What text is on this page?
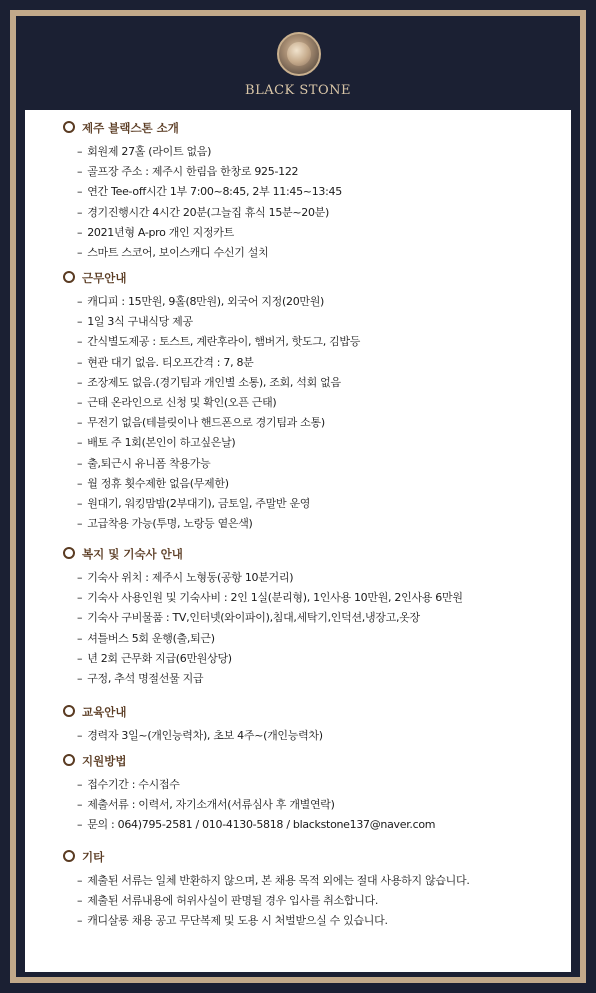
BLACK STONE
제주 블랙스톤 소개
– 회원제 27홀 (라이트 없음)
– 골프장 주소 : 제주시 한림읍 한창로 925-122
– 연간 Tee-off시간 1부 7:00~8:45, 2부 11:45~13:45
– 경기진행시간 4시간 20분(그늘집 휴식 15분~20분)
– 2021년형 A-pro 개인 지정카트
– 스마트 스코어, 보이스캐디 수신기 설치
근무안내
– 캐디피 : 15만원, 9홀(8만원), 외국어 지정(20만원)
– 1일 3식 구내식당 제공
– 간식별도제공 : 토스트, 계란후라이, 햄버거, 핫도그, 김밥등
– 현관 대기 없음. 티오프간격 : 7, 8분
– 조장제도 없음.(경기팀과 개인별 소통), 조회, 석회 없음
– 근태 온라인으로 신청 및 확인(오픈 근태)
– 무전기 없음(테블릿이나 핸드폰으로 경기팀과 소통)
– 배토 주 1회(본인이 하고싶은날)
– 출,퇴근시 유니폼 착용가능
– 월 정휴 횟수제한 없음(무제한)
– 원대기, 워킹맘밤(2부대기), 금토일, 주말반 운영
– 고급착용 가능(투명, 노랑등 옅은색)
복지 및 기숙사 안내
– 기숙사 위치 : 제주시 노형동(공항 10분거리)
– 기숙사 사용인원 및 기숙사비 : 2인 1실(분리형), 1인사용 10만원, 2인사용 6만원
– 기숙사 구비물품 : TV,인터넷(와이파이),침대,세탁기,인덕션,냉장고,옷장
– 셔틀버스 5회 운행(출,퇴근)
– 년 2회 근무화 지급(6만원상당)
– 구정, 추석 명절선물 지급
교육안내
– 경력자 3일~(개인능력차), 초보 4주~(개인능력차)
지원방법
– 접수기간 : 수시접수
– 제출서류 : 이력서, 자기소개서(서류심사 후 개별연락)
– 문의 : 064)795-2581 / 010-4130-5818 / blackstone137@naver.com
기타
– 제출된 서류는 일체 반환하지 않으며, 본 채용 목적 외에는 절대 사용하지 않습니다.
– 제출된 서류내용에 허위사실이 판명될 경우 입사를 취소합니다.
– 캐디살롱 채용 공고 무단복제 및 도용 시 처벌받으실 수 있습니다.
